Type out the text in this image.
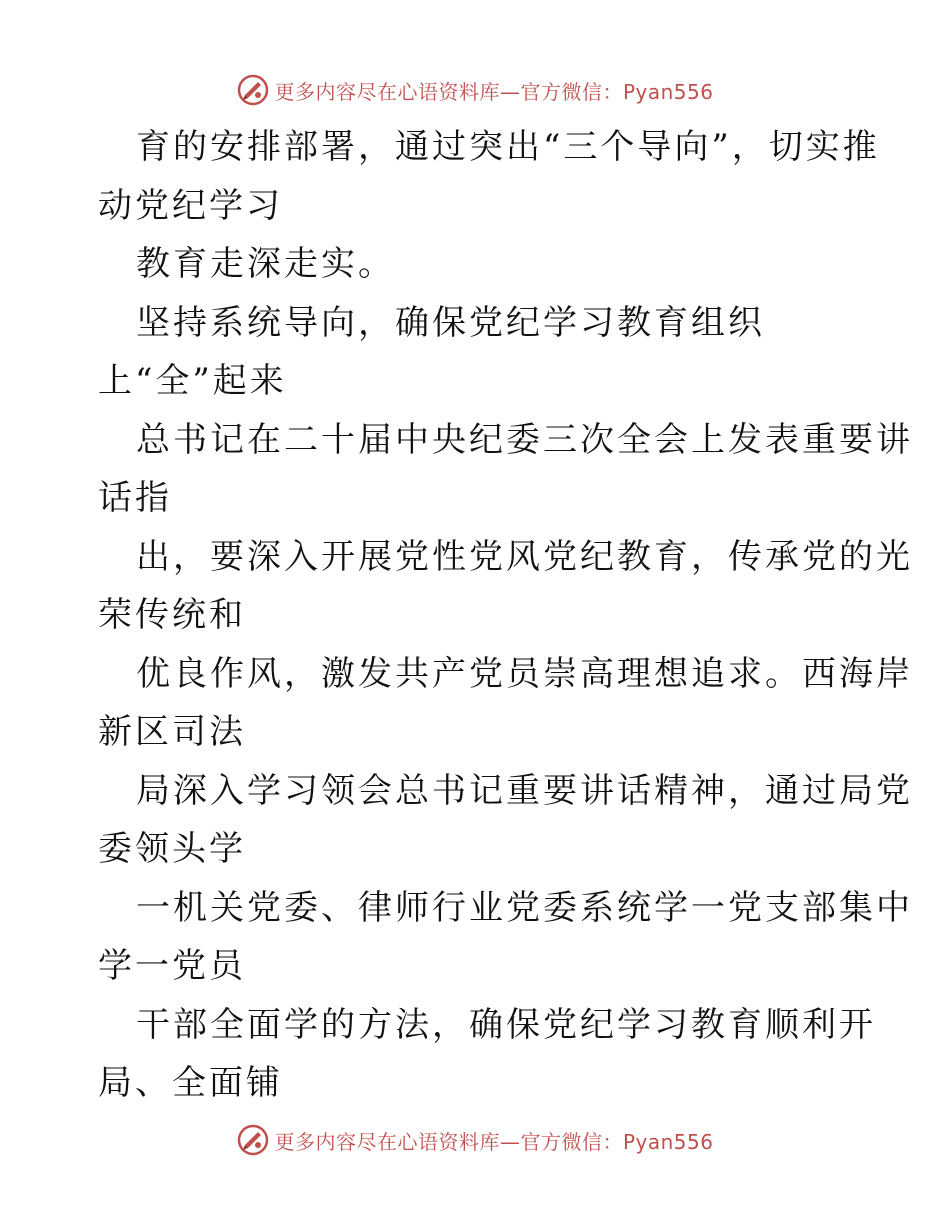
更多内容尽在心语资料库—官方微信：Pyan556
育的安排部署，通过突出“三个导向”，切实推
动党纪学习
教育走深走实。
坚持系统导向，确保党纪学习教育组织
上“全”起来
总书记在二十届中央纪委三次全会上发表重要讲
话指
出，要深入开展党性党风党纪教育，传承党的光
荣传统和
优良作风，激发共产党员崇高理想追求。西海岸
新区司法
局深入学习领会总书记重要讲话精神，通过局党
委领头学
一机关党委、律师行业党委系统学一党支部集中
学一党员
干部全面学的方法，确保党纪学习教育顺利开
局、全面铺
更多内容尽在心语资料库—官方微信：Pyan556
